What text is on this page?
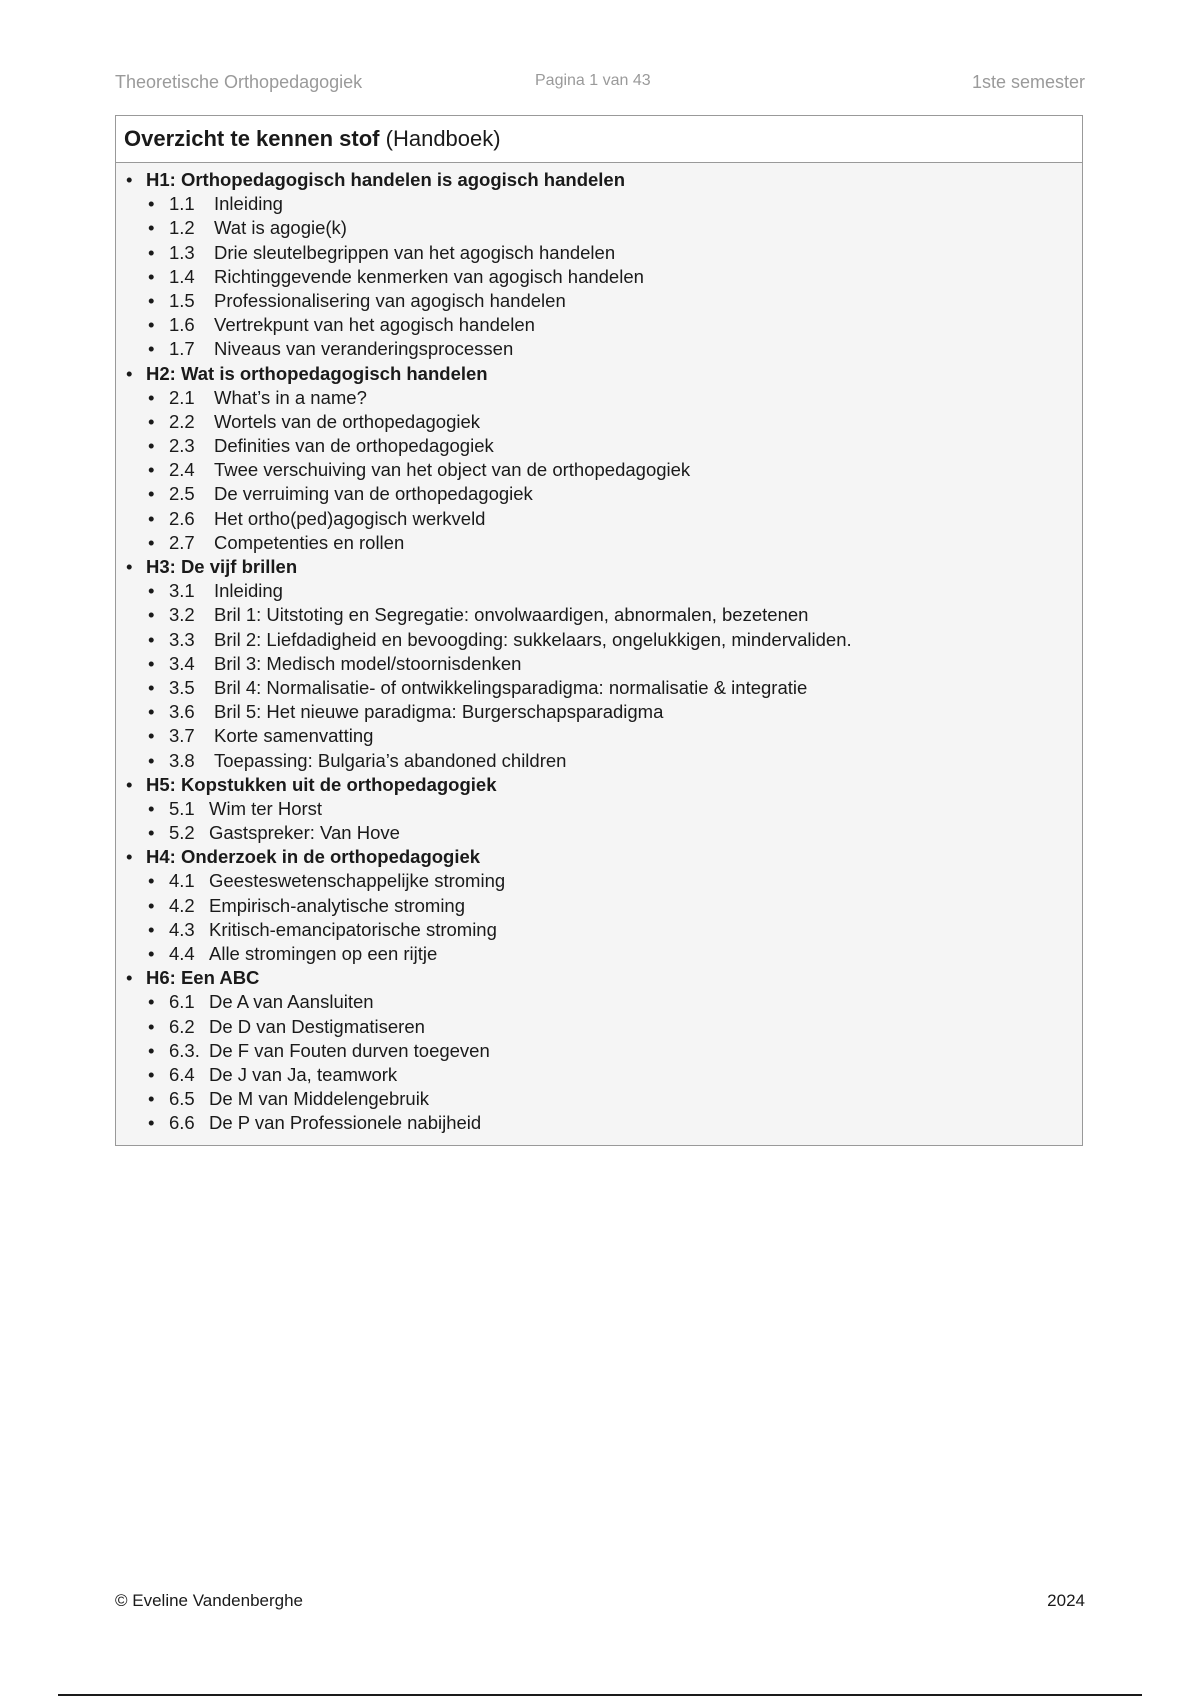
Theoretische Orthopedagogiek	Pagina 1 van 43	1ste semester
Overzicht te kennen stof (Handboek)
• H1: Orthopedagogisch handelen is agogisch handelen
• 1.1 Inleiding
• 1.2 Wat is agogie(k)
• 1.3 Drie sleutelbegrippen van het agogisch handelen
• 1.4 Richtinggevende kenmerken van agogisch handelen
• 1.5 Professionalisering van agogisch handelen
• 1.6 Vertrekpunt van het agogisch handelen
• 1.7 Niveaus van veranderingsprocessen
• H2: Wat is orthopedagogisch handelen
• 2.1 What’s in a name?
• 2.2 Wortels van de orthopedagogiek
• 2.3 Definities van de orthopedagogiek
• 2.4 Twee verschuiving van het object van de orthopedagogiek
• 2.5 De verruiming van de orthopedagogiek
• 2.6 Het ortho(ped)agogisch werkveld
• 2.7 Competenties en rollen
• H3: De vijf brillen
• 3.1 Inleiding
• 3.2 Bril 1: Uitstoting en Segregatie: onvolwaardigen, abnormalen, bezetenen
• 3.3 Bril 2: Liefdadigheid en bevoogding: sukkelaars, ongelukkigen, mindervaliden.
• 3.4 Bril 3: Medisch model/stoornisdenken
• 3.5 Bril 4: Normalisatie- of ontwikkelingsparadigma: normalisatie & integratie
• 3.6 Bril 5: Het nieuwe paradigma: Burgerschapsparadigma
• 3.7 Korte samenvatting
• 3.8 Toepassing: Bulgaria’s abandoned children
• H5: Kopstukken uit de orthopedagogiek
• 5.1 Wim ter Horst
• 5.2 Gastspreker: Van Hove
• H4: Onderzoek in de orthopedagogiek
• 4.1 Geesteswetenschappelijke stroming
• 4.2 Empirisch-analytische stroming
• 4.3 Kritisch-emancipatorische stroming
• 4.4 Alle stromingen op een rijtje
• H6: Een ABC
• 6.1 De A van Aansluiten
• 6.2 De D van Destigmatiseren
• 6.3. De F van Fouten durven toegeven
• 6.4 De J van Ja, teamwork
• 6.5 De M van Middelengebruik
• 6.6 De P van Professionele nabijheid
© Eveline Vandenberghe	2024
